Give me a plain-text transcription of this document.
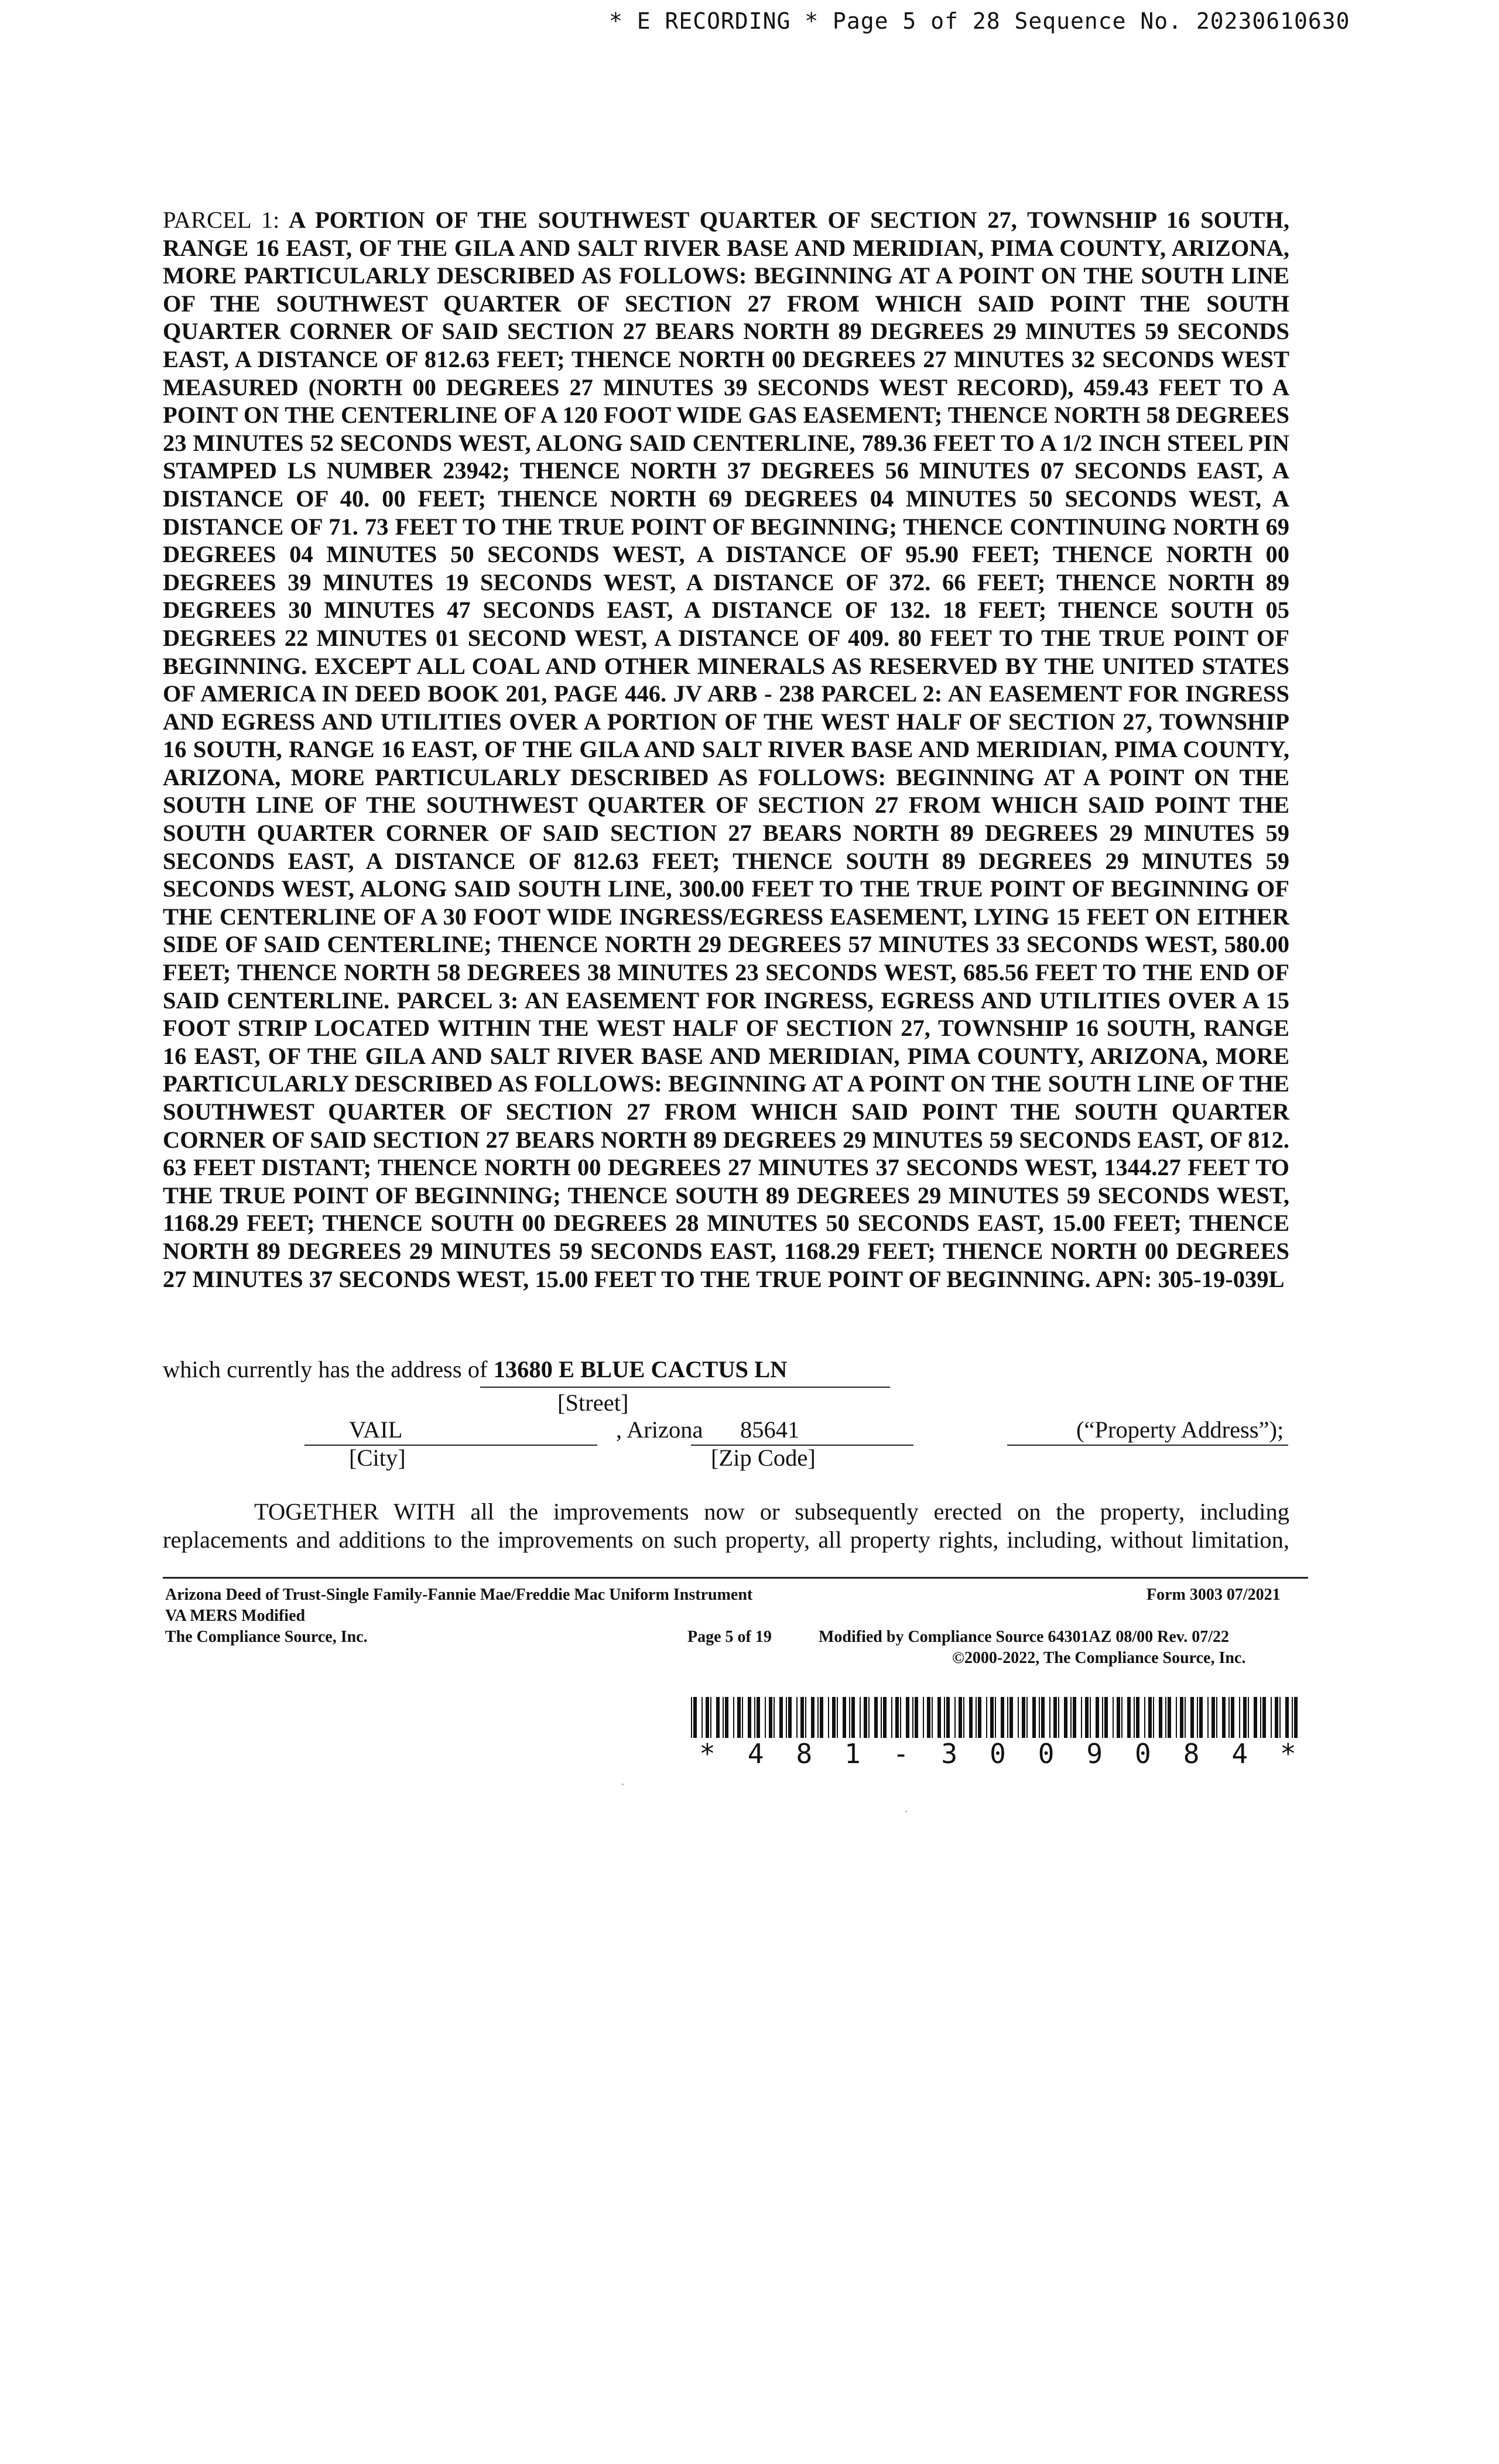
* E RECORDING * Page 5 of 28 Sequence No. 20230610630
PARCEL 1: A PORTION OF THE SOUTHWEST QUARTER OF SECTION 27, TOWNSHIP 16 SOUTH, RANGE 16 EAST, OF THE GILA AND SALT RIVER BASE AND MERIDIAN, PIMA COUNTY, ARIZONA, MORE PARTICULARLY DESCRIBED AS FOLLOWS: BEGINNING AT A POINT ON THE SOUTH LINE OF THE SOUTHWEST QUARTER OF SECTION 27 FROM WHICH SAID POINT THE SOUTH QUARTER CORNER OF SAID SECTION 27 BEARS NORTH 89 DEGREES 29 MINUTES 59 SECONDS EAST, A DISTANCE OF 812.63 FEET; THENCE NORTH 00 DEGREES 27 MINUTES 32 SECONDS WEST MEASURED (NORTH 00 DEGREES 27 MINUTES 39 SECONDS WEST RECORD), 459.43 FEET TO A POINT ON THE CENTERLINE OF A 120 FOOT WIDE GAS EASEMENT; THENCE NORTH 58 DEGREES 23 MINUTES 52 SECONDS WEST, ALONG SAID CENTERLINE, 789.36 FEET TO A 1/2 INCH STEEL PIN STAMPED LS NUMBER 23942; THENCE NORTH 37 DEGREES 56 MINUTES 07 SECONDS EAST, A DISTANCE OF 40. 00 FEET; THENCE NORTH 69 DEGREES 04 MINUTES 50 SECONDS WEST, A DISTANCE OF 71. 73 FEET TO THE TRUE POINT OF BEGINNING; THENCE CONTINUING NORTH 69 DEGREES 04 MINUTES 50 SECONDS WEST, A DISTANCE OF 95.90 FEET; THENCE NORTH 00 DEGREES 39 MINUTES 19 SECONDS WEST, A DISTANCE OF 372. 66 FEET; THENCE NORTH 89 DEGREES 30 MINUTES 47 SECONDS EAST, A DISTANCE OF 132. 18 FEET; THENCE SOUTH 05 DEGREES 22 MINUTES 01 SECOND WEST, A DISTANCE OF 409. 80 FEET TO THE TRUE POINT OF BEGINNING. EXCEPT ALL COAL AND OTHER MINERALS AS RESERVED BY THE UNITED STATES OF AMERICA IN DEED BOOK 201, PAGE 446. JV ARB - 238 PARCEL 2: AN EASEMENT FOR INGRESS AND EGRESS AND UTILITIES OVER A PORTION OF THE WEST HALF OF SECTION 27, TOWNSHIP 16 SOUTH, RANGE 16 EAST, OF THE GILA AND SALT RIVER BASE AND MERIDIAN, PIMA COUNTY, ARIZONA, MORE PARTICULARLY DESCRIBED AS FOLLOWS: BEGINNING AT A POINT ON THE SOUTH LINE OF THE SOUTHWEST QUARTER OF SECTION 27 FROM WHICH SAID POINT THE SOUTH QUARTER CORNER OF SAID SECTION 27 BEARS NORTH 89 DEGREES 29 MINUTES 59 SECONDS EAST, A DISTANCE OF 812.63 FEET; THENCE SOUTH 89 DEGREES 29 MINUTES 59 SECONDS WEST, ALONG SAID SOUTH LINE, 300.00 FEET TO THE TRUE POINT OF BEGINNING OF THE CENTERLINE OF A 30 FOOT WIDE INGRESS/EGRESS EASEMENT, LYING 15 FEET ON EITHER SIDE OF SAID CENTERLINE; THENCE NORTH 29 DEGREES 57 MINUTES 33 SECONDS WEST, 580.00 FEET; THENCE NORTH 58 DEGREES 38 MINUTES 23 SECONDS WEST, 685.56 FEET TO THE END OF SAID CENTERLINE. PARCEL 3: AN EASEMENT FOR INGRESS, EGRESS AND UTILITIES OVER A 15 FOOT STRIP LOCATED WITHIN THE WEST HALF OF SECTION 27, TOWNSHIP 16 SOUTH, RANGE 16 EAST, OF THE GILA AND SALT RIVER BASE AND MERIDIAN, PIMA COUNTY, ARIZONA, MORE PARTICULARLY DESCRIBED AS FOLLOWS: BEGINNING AT A POINT ON THE SOUTH LINE OF THE SOUTHWEST QUARTER OF SECTION 27 FROM WHICH SAID POINT THE SOUTH QUARTER CORNER OF SAID SECTION 27 BEARS NORTH 89 DEGREES 29 MINUTES 59 SECONDS EAST, OF 812. 63 FEET DISTANT; THENCE NORTH 00 DEGREES 27 MINUTES 37 SECONDS WEST, 1344.27 FEET TO THE TRUE POINT OF BEGINNING; THENCE SOUTH 89 DEGREES 29 MINUTES 59 SECONDS WEST, 1168.29 FEET; THENCE SOUTH 00 DEGREES 28 MINUTES 50 SECONDS EAST, 15.00 FEET; THENCE NORTH 89 DEGREES 29 MINUTES 59 SECONDS EAST, 1168.29 FEET; THENCE NORTH 00 DEGREES 27 MINUTES 37 SECONDS WEST, 15.00 FEET TO THE TRUE POINT OF BEGINNING. APN: 305-19-039L
which currently has the address of 13680 E BLUE CACTUS LN
[Street]
VAIL	, Arizona 85641	(“Property Address”);
[City]	[Zip Code]
TOGETHER WITH all the improvements now or subsequently erected on the property, including
replacements and additions to the improvements on such property, all property rights, including, without limitation,
Arizona Deed of Trust-Single Family-Fannie Mae/Freddie Mac Uniform Instrument	Form 3003 07/2021
VA MERS Modified
The Compliance Source, Inc.	Page 5 of 19	Modified by Compliance Source 64301AZ 08/00 Rev. 07/22
©2000-2022, The Compliance Source, Inc.
*	4	8	1	-	3	0	0	9	0	8	4	*
